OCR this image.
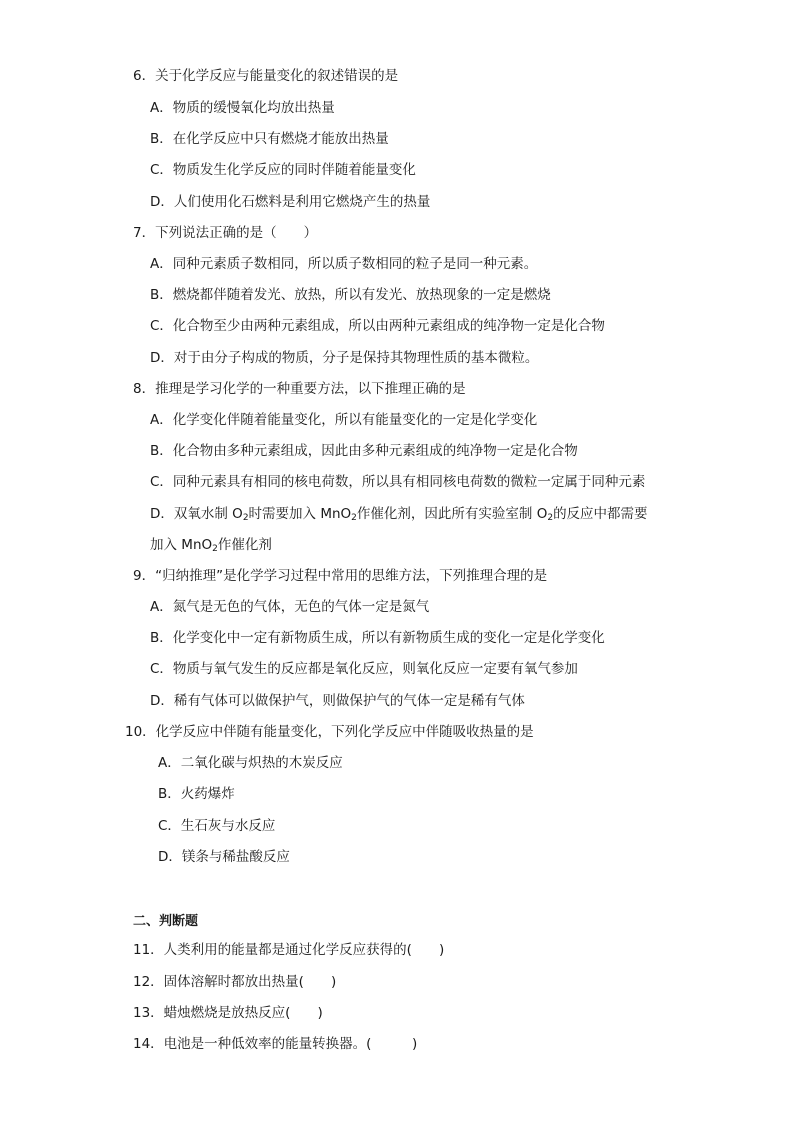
6．关于化学反应与能量变化的叙述错误的是
A．物质的缓慢氧化均放出热量
B．在化学反应中只有燃烧才能放出热量
C．物质发生化学反应的同时伴随着能量变化
D．人们使用化石燃料是利用它燃烧产生的热量
7．下列说法正确的是（　　）
A．同种元素质子数相同，所以质子数相同的粒子是同一种元素。
B．燃烧都伴随着发光、放热，所以有发光、放热现象的一定是燃烧
C．化合物至少由两种元素组成，所以由两种元素组成的纯净物一定是化合物
D．对于由分子构成的物质，分子是保持其物理性质的基本微粒。
8．推理是学习化学的一种重要方法，以下推理正确的是
A．化学变化伴随着能量变化，所以有能量变化的一定是化学变化
B．化合物由多种元素组成，因此由多种元素组成的纯净物一定是化合物
C．同种元素具有相同的核电荷数，所以具有相同核电荷数的微粒一定属于同种元素
D．双氧水制 $O_2$时需要加入 MnO$_2$作催化剂，因此所有实验室制 $O_2$的反应中都需要
加入 MnO$_2$作催化剂
9．“归纳推理”是化学学习过程中常用的思维方法，下列推理合理的是
A．氮气是无色的气体，无色的气体一定是氮气
B．化学变化中一定有新物质生成，所以有新物质生成的变化一定是化学变化
C．物质与氧气发生的反应都是氧化反应，则氧化反应一定要有氧气参加
D．稀有气体可以做保护气，则做保护气的气体一定是稀有气体
10．化学反应中伴随有能量变化，下列化学反应中伴随吸收热量的是
A．二氧化碳与炽热的木炭反应
B．火药爆炸
C．生石灰与水反应
D．镁条与稀盐酸反应
二、判断题
11．人类利用的能量都是通过化学反应获得的(　　)
12．固体溶解时都放出热量(　　)
13．蜡烛燃烧是放热反应(　　)
14．电池是一种低效率的能量转换器。(　　　)
